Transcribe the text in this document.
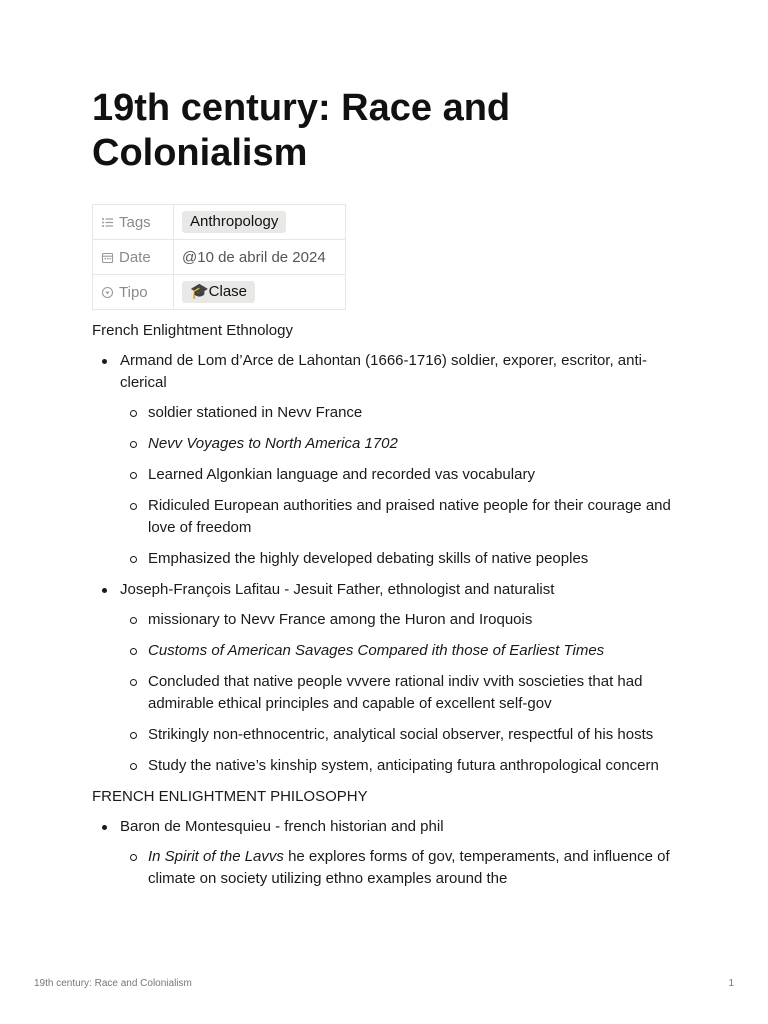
19th century: Race and Colonialism
Tags	Anthropology

Date	@10 de abril de 2024

Tipo	🎓Clase

French Enlightment Ethnology

Armand de Lom d’Arce de Lahontan (1666-1716) soldier, exporer, escritor, anti-clerical
soldier stationed in Nevv France
Nevv Voyages to North America 1702
Learned Algonkian language and recorded vas vocabulary
Ridiculed European authorities and praised native people for their courage and love of freedom
Emphasized the highly developed debating skills of native peoples
Joseph-François Lafitau - Jesuit Father, ethnologist and naturalist
missionary to Nevv France among the Huron and Iroquois
Customs of American Savages Compared ith those of Earliest Times
Concluded that native people vvvere rational indiv vvith soscieties that had admirable ethical principles and capable of excellent self-gov
Strikingly non-ethnocentric, analytical social observer, respectful of his hosts
Study the native’s kinship system, anticipating futura anthropological concern

FRENCH ENLIGHTMENT PHILOSOPHY

Baron de Montesquieu - french historian and phil
In Spirit of the Lavvs he explores forms of gov, temperaments, and influence of climate on society utilizing ethno examples around the
19th century: Race and Colonialism	1
